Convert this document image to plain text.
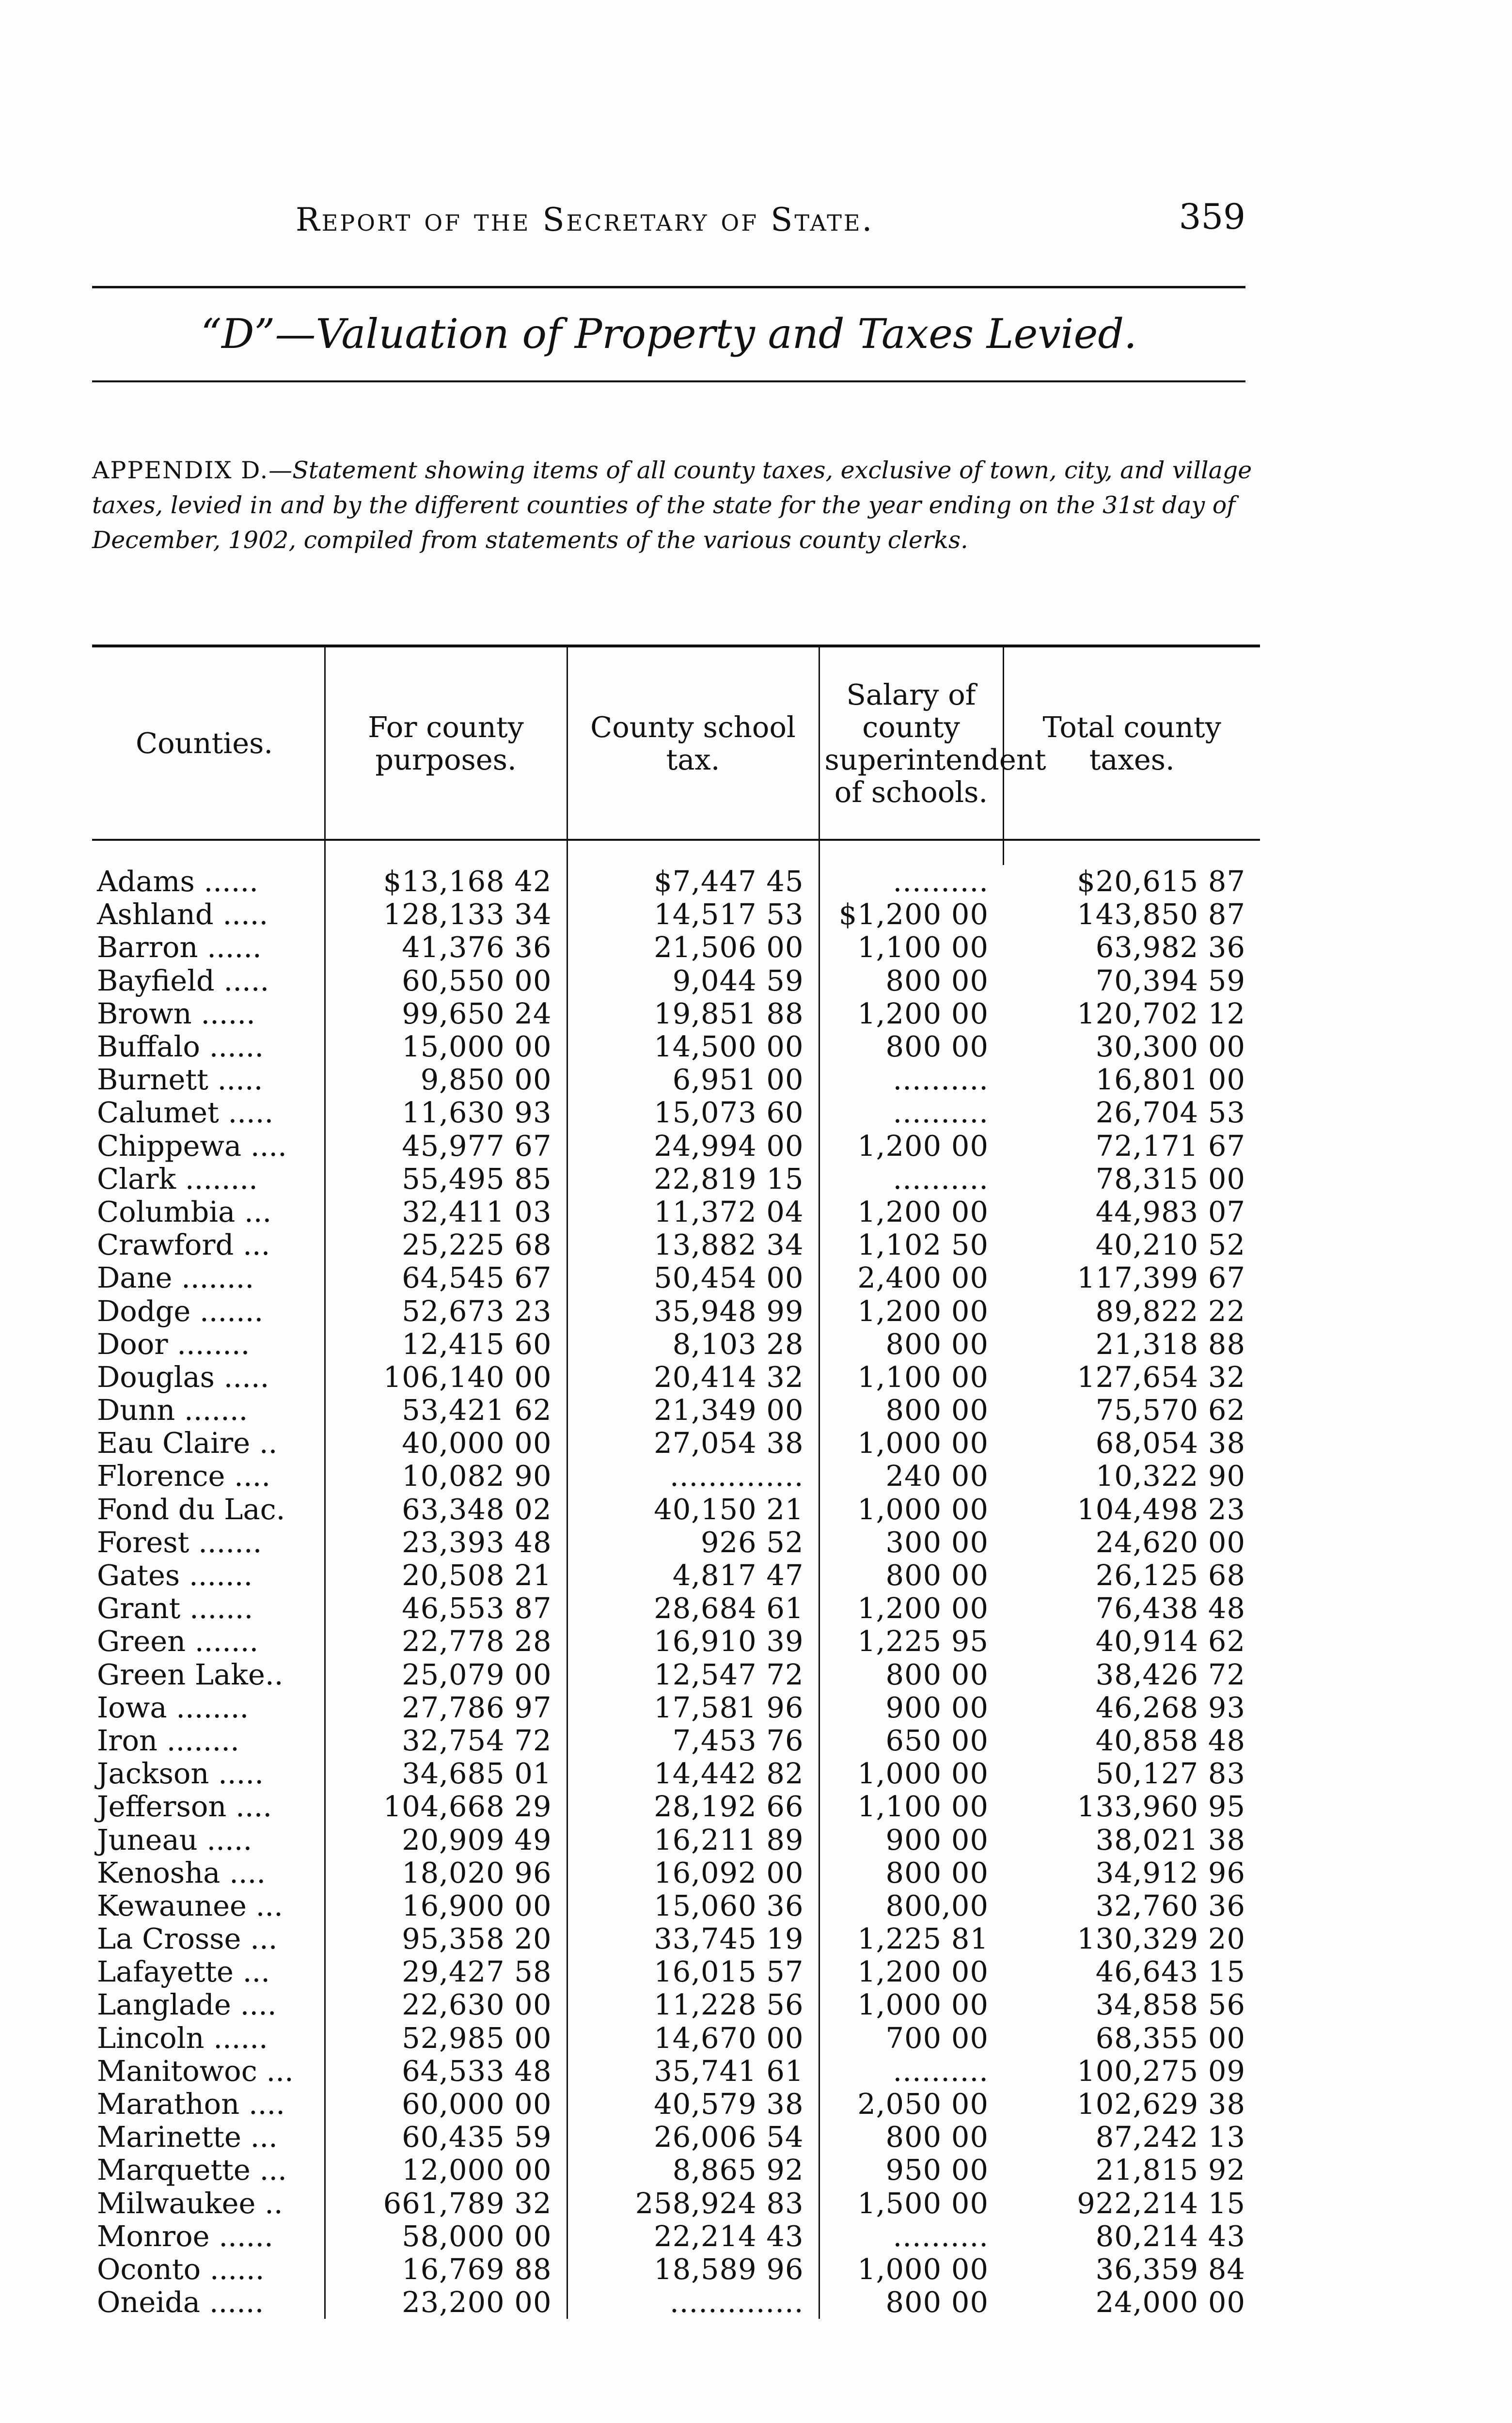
Report of the Secretary of State.	359
“D”—Valuation of Property and Taxes Levied.
APPENDIX D.—Statement showing items of all county taxes, exclusive of town, city, and village taxes, levied in and by the different counties of the state for the year ending on the 31st day of December, 1902, compiled from statements of the various county clerks.
Counties.	For county purposes.	County school tax.	Salary of county superintendent of schools.	Total county taxes.

Adams ......	$13,168 42	$7,447 45	..........	$20,615 87
Ashland .....	128,133 34	14,517 53	$1,200 00	143,850 87
Barron ......	41,376 36	21,506 00	1,100 00	63,982 36
Bayfield .....	60,550 00	9,044 59	800 00	70,394 59
Brown ......	99,650 24	19,851 88	1,200 00	120,702 12
Buffalo ......	15,000 00	14,500 00	800 00	30,300 00
Burnett .....	9,850 00	6,951 00	..........	16,801 00
Calumet .....	11,630 93	15,073 60	..........	26,704 53
Chippewa ....	45,977 67	24,994 00	1,200 00	72,171 67
Clark ........	55,495 85	22,819 15	..........	78,315 00
Columbia ...	32,411 03	11,372 04	1,200 00	44,983 07
Crawford ...	25,225 68	13,882 34	1,102 50	40,210 52
Dane ........	64,545 67	50,454 00	2,400 00	117,399 67
Dodge .......	52,673 23	35,948 99	1,200 00	89,822 22
Door ........	12,415 60	8,103 28	800 00	21,318 88
Douglas .....	106,140 00	20,414 32	1,100 00	127,654 32
Dunn .......	53,421 62	21,349 00	800 00	75,570 62
Eau Claire ..	40,000 00	27,054 38	1,000 00	68,054 38
Florence ....	10,082 90	..............	240 00	10,322 90
Fond du Lac.	63,348 02	40,150 21	1,000 00	104,498 23
Forest .......	23,393 48	926 52	300 00	24,620 00
Gates .......	20,508 21	4,817 47	800 00	26,125 68
Grant .......	46,553 87	28,684 61	1,200 00	76,438 48
Green .......	22,778 28	16,910 39	1,225 95	40,914 62
Green Lake..	25,079 00	12,547 72	800 00	38,426 72
Iowa ........	27,786 97	17,581 96	900 00	46,268 93
Iron ........	32,754 72	7,453 76	650 00	40,858 48
Jackson .....	34,685 01	14,442 82	1,000 00	50,127 83
Jefferson ....	104,668 29	28,192 66	1,100 00	133,960 95
Juneau .....	20,909 49	16,211 89	900 00	38,021 38
Kenosha ....	18,020 96	16,092 00	800 00	34,912 96
Kewaunee ...	16,900 00	15,060 36	800,00	32,760 36
La Crosse ...	95,358 20	33,745 19	1,225 81	130,329 20
Lafayette ...	29,427 58	16,015 57	1,200 00	46,643 15
Langlade ....	22,630 00	11,228 56	1,000 00	34,858 56
Lincoln ......	52,985 00	14,670 00	700 00	68,355 00
Manitowoc ...	64,533 48	35,741 61	..........	100,275 09
Marathon ....	60,000 00	40,579 38	2,050 00	102,629 38
Marinette ...	60,435 59	26,006 54	800 00	87,242 13
Marquette ...	12,000 00	8,865 92	950 00	21,815 92
Milwaukee ..	661,789 32	258,924 83	1,500 00	922,214 15
Monroe ......	58,000 00	22,214 43	..........	80,214 43
Oconto ......	16,769 88	18,589 96	1,000 00	36,359 84
Oneida ......	23,200 00	..............	800 00	24,000 00
